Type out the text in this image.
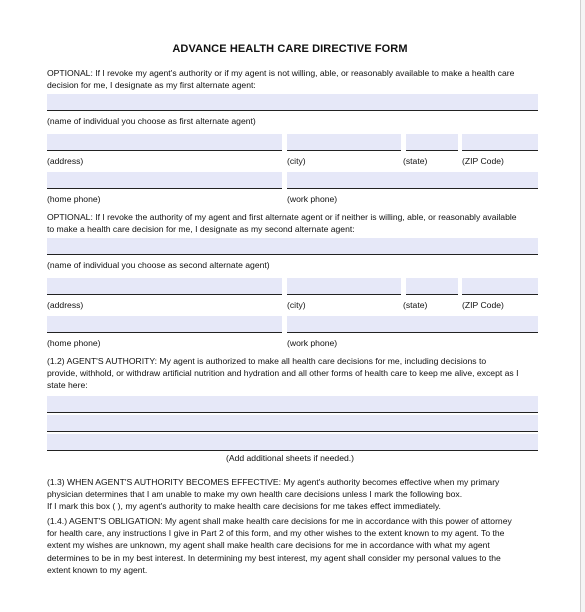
ADVANCE HEALTH CARE DIRECTIVE FORM
OPTIONAL: If I revoke my agent's authority or if my agent is not willing, able, or reasonably available to make a health care
decision for me, I designate as my first alternate agent:
(name of individual you choose as first alternate agent)
(address)	(city)	(state)	(ZIP Code)
(home phone)	(work phone)
OPTIONAL: If I revoke the authority of my agent and first alternate agent or if neither is willing, able, or reasonably available
to make a health care decision for me, I designate as my second alternate agent:
(name of individual you choose as second alternate agent)
(address)	(city)	(state)	(ZIP Code)
(home phone)	(work phone)
(1.2) AGENT'S AUTHORITY: My agent is authorized to make all health care decisions for me, including decisions to
provide, withhold, or withdraw artificial nutrition and hydration and all other forms of health care to keep me alive, except as I
state here:
(Add additional sheets if needed.)
(1.3) WHEN AGENT'S AUTHORITY BECOMES EFFECTIVE: My agent's authority becomes effective when my primary
physician determines that I am unable to make my own health care decisions unless I mark the following box.
If I mark this box ( ), my agent's authority to make health care decisions for me takes effect immediately.
(1.4.) AGENT'S OBLIGATION: My agent shall make health care decisions for me in accordance with this power of attorney
for health care, any instructions I give in Part 2 of this form, and my other wishes to the extent known to my agent. To the
extent my wishes are unknown, my agent shall make health care decisions for me in accordance with what my agent
determines to be in my best interest. In determining my best interest, my agent shall consider my personal values to the
extent known to my agent.
